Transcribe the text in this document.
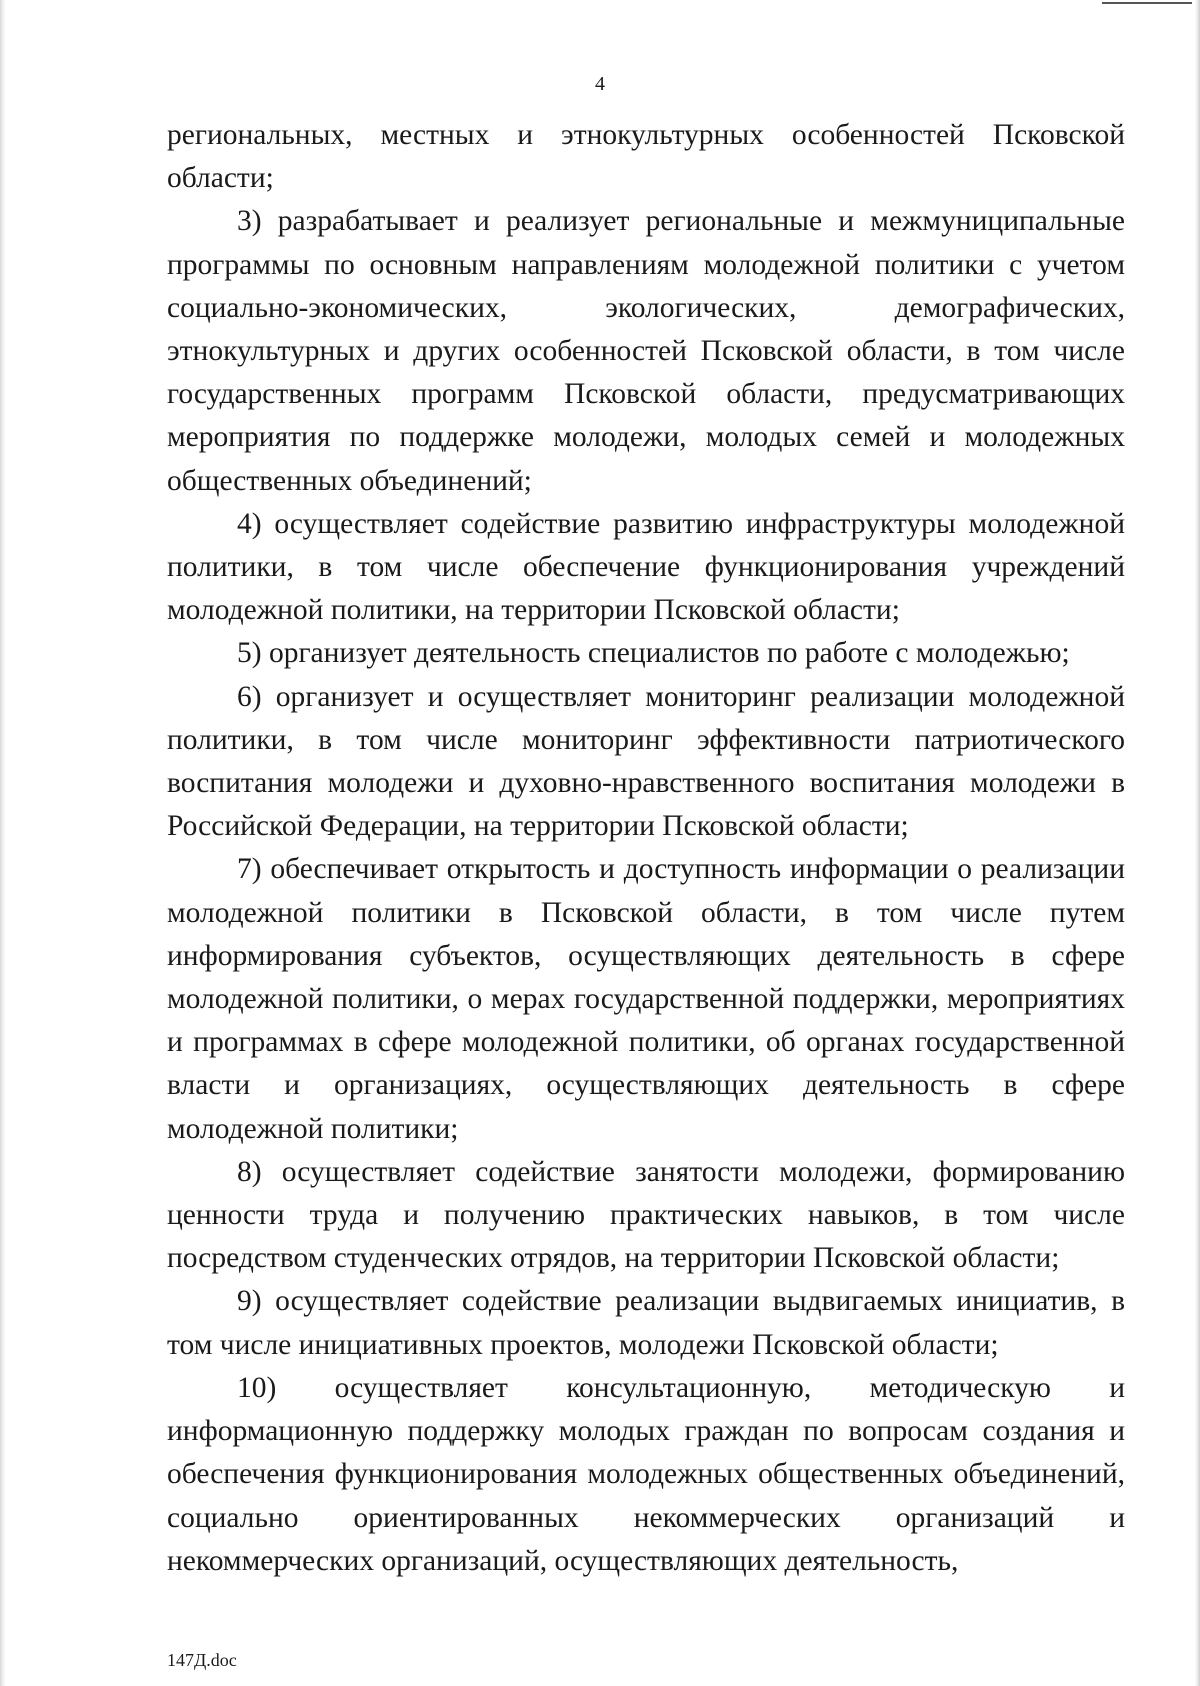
4

региональных, местных и этнокультурных особенностей Псковской области;

3) разрабатывает и реализует региональные и межмуниципальные программы по основным направлениям молодежной политики с учетом социально-экономических, экологических, демографических, этнокультурных и других особенностей Псковской области, в том числе государственных программ Псковской области, предусматривающих мероприятия по поддержке молодежи, молодых семей и молодежных общественных объединений;

4) осуществляет содействие развитию инфраструктуры молодежной политики, в том числе обеспечение функционирования учреждений молодежной политики, на территории Псковской области;

5) организует деятельность специалистов по работе с молодежью;

6) организует и осуществляет мониторинг реализации молодежной политики, в том числе мониторинг эффективности патриотического воспитания молодежи и духовно-нравственного воспитания молодежи в Российской Федерации, на территории Псковской области;

7) обеспечивает открытость и доступность информации о реализации молодежной политики в Псковской области, в том числе путем информирования субъектов, осуществляющих деятельность в сфере молодежной политики, о мерах государственной поддержки, мероприятиях и программах в сфере молодежной политики, об органах государственной власти и организациях, осуществляющих деятельность в сфере молодежной политики;

8) осуществляет содействие занятости молодежи, формированию ценности труда и получению практических навыков, в том числе посредством студенческих отрядов, на территории Псковской области;

9) осуществляет содействие реализации выдвигаемых инициатив, в том числе инициативных проектов, молодежи Псковской области;

10) осуществляет консультационную, методическую и информационную поддержку молодых граждан по вопросам создания и обеспечения функционирования молодежных общественных объединений, социально ориентированных некоммерческих организаций и некоммерческих организаций, осуществляющих деятельность,

147Д.doc
